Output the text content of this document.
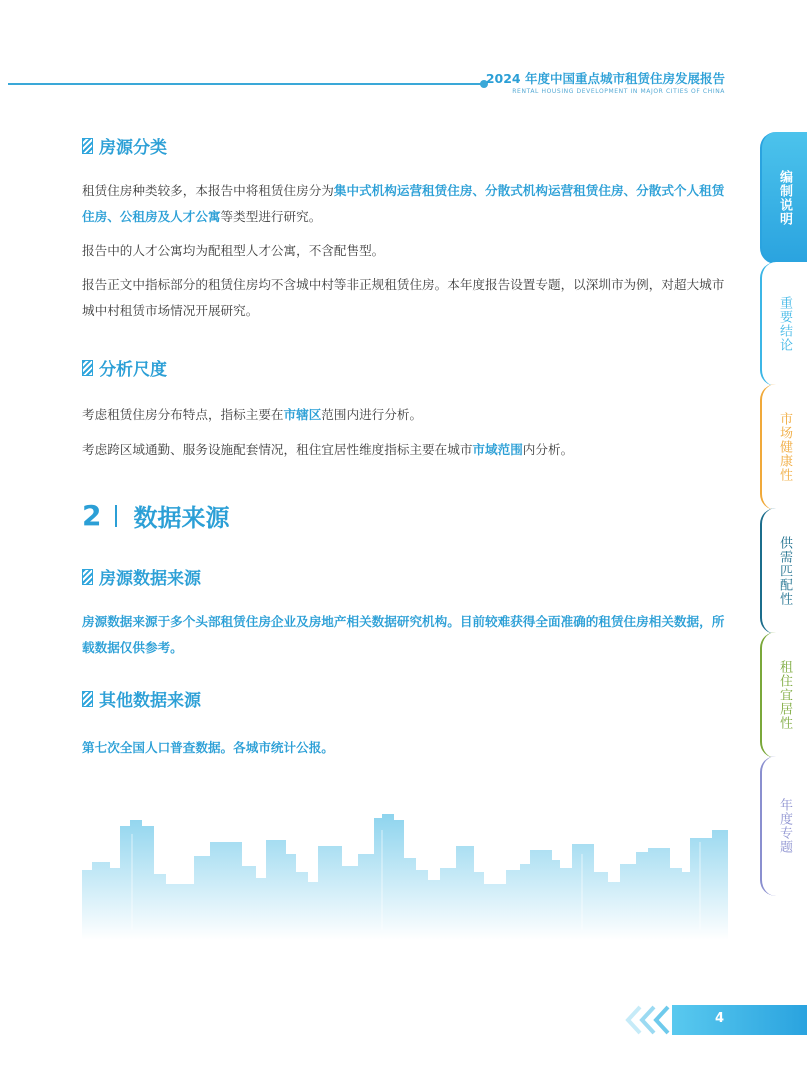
2024 年度中国重点城市租赁住房发展报告
RENTAL HOUSING DEVELOPMENT IN MAJOR CITIES OF CHINA
房源分类

租赁住房种类较多，本报告中将租赁住房分为集中式机构运营租赁住房、分散式机构运营租赁住房、分散式个人租赁住房、公租房及人才公寓等类型进行研究。

报告中的人才公寓均为配租型人才公寓，不含配售型。

报告正文中指标部分的租赁住房均不含城中村等非正规租赁住房。本年度报告设置专题，以深圳市为例，对超大城市城中村租赁市场情况开展研究。

分析尺度

考虑租赁住房分布特点，指标主要在市辖区范围内进行分析。

考虑跨区域通勤、服务设施配套情况，租住宜居性维度指标主要在城市市域范围内分析。

2 数据来源
房源数据来源

房源数据来源于多个头部租赁住房企业及房地产相关数据研究机构。目前较难获得全面准确的租赁住房相关数据，所载数据仅供参考。

其他数据来源

第七次全国人口普查数据。各城市统计公报。

编制说明
重要结论
市场健康性
供需匹配性
租住宜居性
年度专题
4
